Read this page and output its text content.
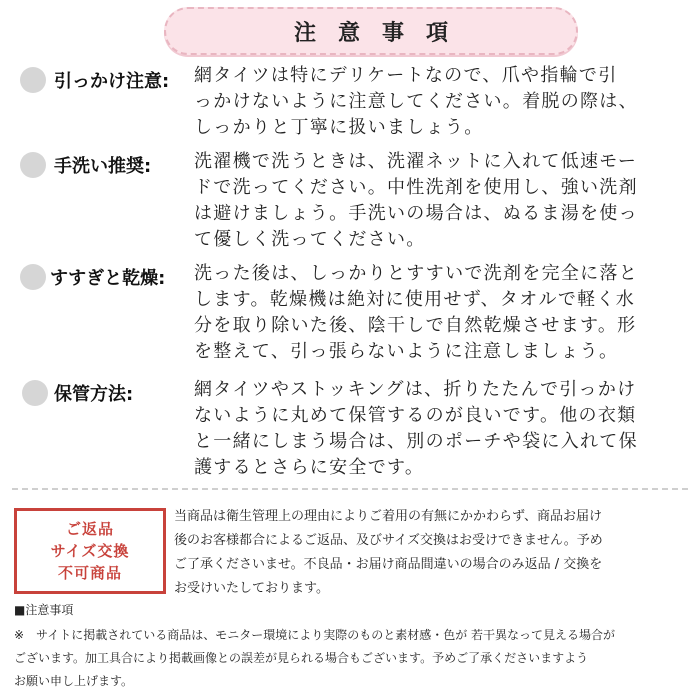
注意事項
引っかけ注意: 網タイツは特にデリケートなので、爪や指輪で引
っかけないように注意してください。着脱の際は、
しっかりと丁寧に扱いましょう。
手洗い推奨: 洗濯機で洗うときは、洗濯ネットに入れて低速モー
ドで洗ってください。中性洗剤を使用し、強い洗剤
は避けましょう。手洗いの場合は、ぬるま湯を使っ
て優しく洗ってください。
すすぎと乾燥: 洗った後は、しっかりとすすいで洗剤を完全に落と
します。乾燥機は絶対に使用せず、タオルで軽く水
分を取り除いた後、陰干しで自然乾燥させます。形
を整えて、引っ張らないように注意しましょう。
保管方法:	網タイツやストッキングは、折りたたんで引っかけ
ないように丸めて保管するのが良いです。他の衣類
と一緒にしまう場合は、別のポーチや袋に入れて保
護するとさらに安全です。
ご返品
サイズ交換
不可商品
当商品は衛生管理上の理由によりご着用の有無にかかわらず、商品お届け
後のお客様都合によるご返品、及びサイズ交換はお受けできません。予め
ご了承くださいませ。不良品・お届け商品間違いの場合のみ返品 / 交換を
お受けいたしております。
■注意事項
※　サイトに掲載されている商品は、モニター環境により実際のものと素材感・色が 若干異なって見える場合が
ございます。加工具合により掲載画像との誤差が見られる場合もございます。予めご了承くださいますよう
お願い申し上げます。
